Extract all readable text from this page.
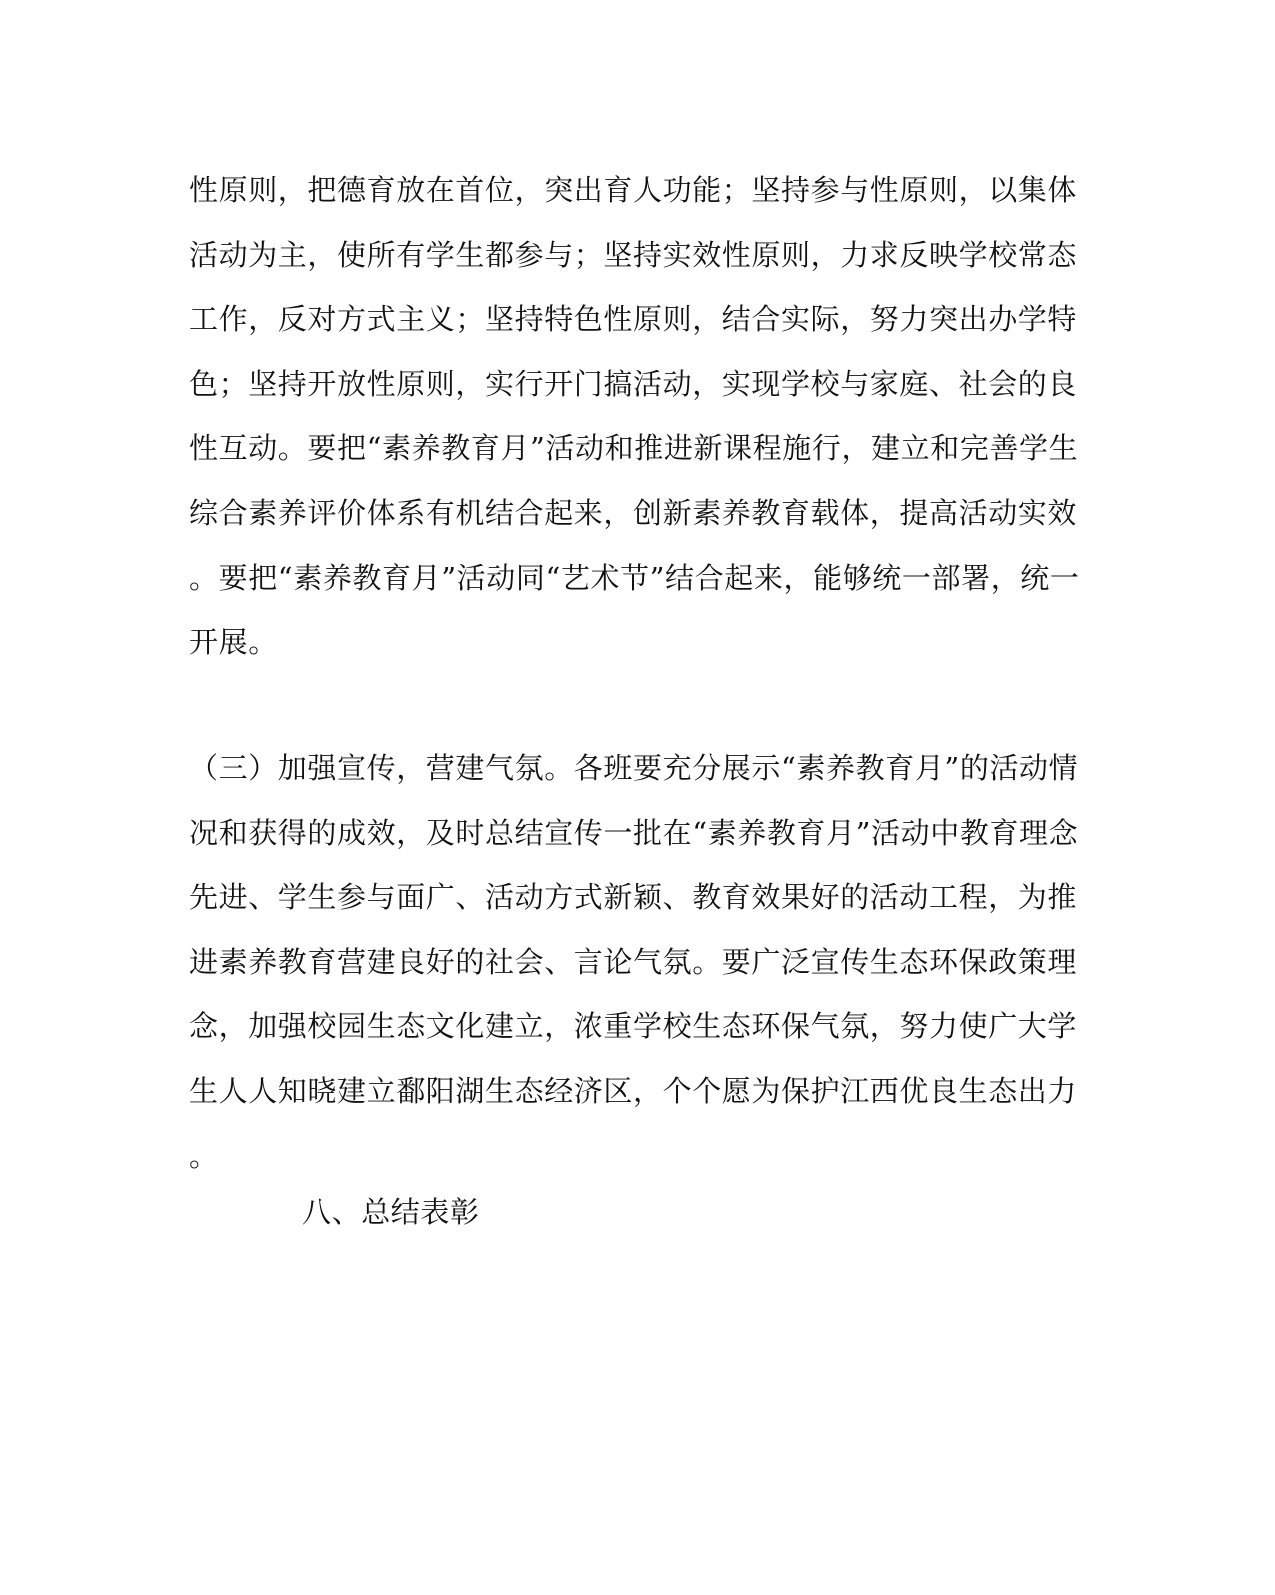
性原则，把德育放在首位，突出育人功能；坚持参与性原则，以集体
活动为主，使所有学生都参与；坚持实效性原则，力求反映学校常态
工作，反对方式主义；坚持特色性原则，结合实际，努力突出办学特
色；坚持开放性原则，实行开门搞活动，实现学校与家庭、社会的良
性互动。要把“素养教育月”活动和推进新课程施行，建立和完善学生
综合素养评价体系有机结合起来，创新素养教育载体，提高活动实效
。要把“素养教育月”活动同“艺术节”结合起来，能够统一部署，统一
开展。
（三）加强宣传，营建气氛。各班要充分展示“素养教育月”的活动情
况和获得的成效，及时总结宣传一批在“素养教育月”活动中教育理念
先进、学生参与面广、活动方式新颖、教育效果好的活动工程，为推
进素养教育营建良好的社会、言论气氛。要广泛宣传生态环保政策理
念，加强校园生态文化建立，浓重学校生态环保气氛，努力使广大学
生人人知晓建立鄱阳湖生态经济区，个个愿为保护江西优良生态出力
。
八、总结表彰
